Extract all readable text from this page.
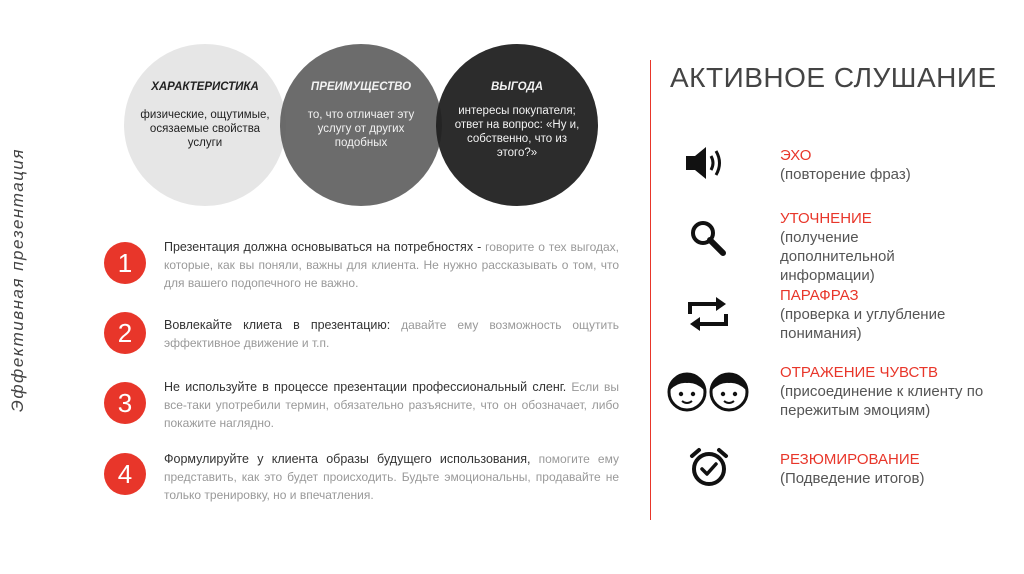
Эффективная презентация
ХАРАКТЕРИСТИКА
физические, ощутимые, осязаемые свойства услуги
ПРЕИМУЩЕСТВО
то, что отличает эту услугу от других подобных
ВЫГОДА
интересы покупателя; ответ на вопрос: «Ну и, собственно, что из этого?»
1
Презентация должна основываться на потребностях - говорите о тех выгодах, которые, как вы поняли, важны для клиента. Не нужно рассказывать о том, что для вашего подопечного не важно.
2	Вовлекайте клиета в презентацию: давайте ему возможность ощутить эффективное движение и т.п.
3
Не используйте в процессе презентации профессиональный сленг. Если вы все-таки употребили термин, обязательно разъясните, что он обозначает, либо покажите наглядно.
4	Формулируйте у клиента образы будущего использования, помогите ему представить, как это будет происходить. Будьте эмоциональны, продавайте не только тренировку, но и впечатления.
АКТИВНОЕ СЛУШАНИЕ
ЭХО
(повторение фраз)
УТОЧНЕНИЕ
(получение дополнительной информации)
ПАРАФРАЗ
(проверка и углубление понимания)
ОТРАЖЕНИЕ ЧУВСТВ
(присоединение к клиенту по пережитым эмоциям)
РЕЗЮМИРОВАНИЕ
(Подведение итогов)
